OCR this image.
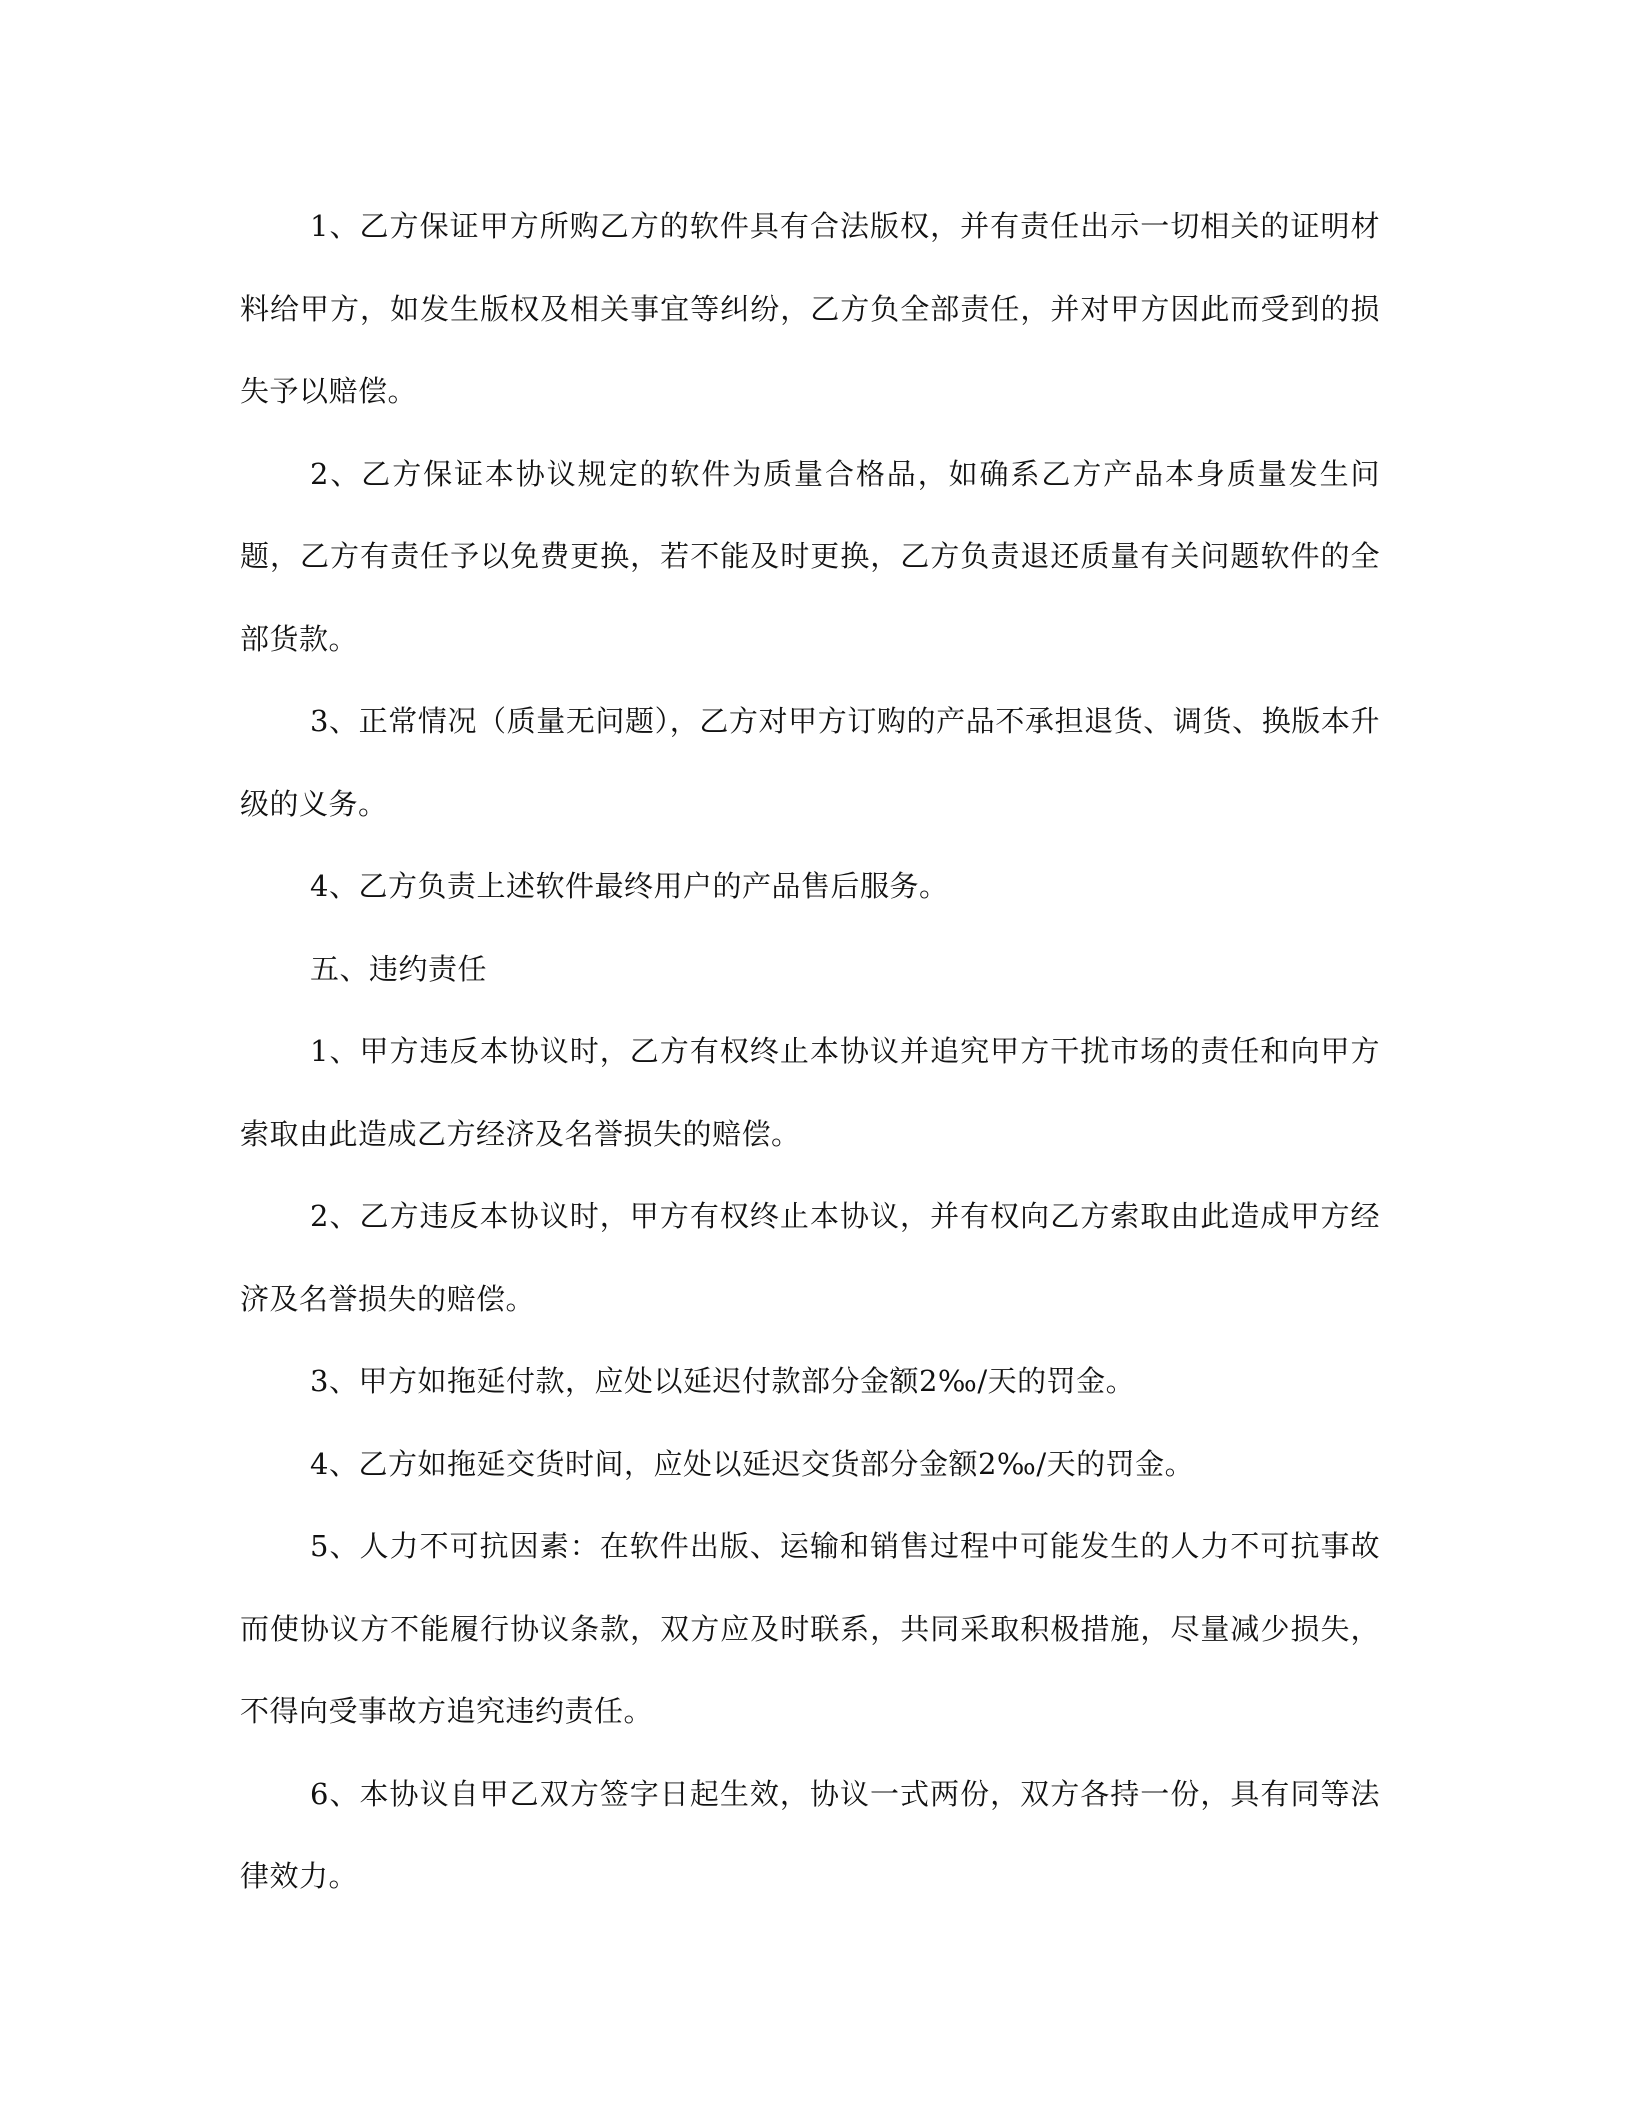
1、乙方保证甲方所购乙方的软件具有合法版权，并有责任出示一切相关的证明材料给甲方，如发生版权及相关事宜等纠纷，乙方负全部责任，并对甲方因此而受到的损失予以赔偿。

2、乙方保证本协议规定的软件为质量合格品，如确系乙方产品本身质量发生问题，乙方有责任予以免费更换，若不能及时更换，乙方负责退还质量有关问题软件的全部货款。

3、正常情况（质量无问题），乙方对甲方订购的产品不承担退货、调货、换版本升级的义务。

4、乙方负责上述软件最终用户的产品售后服务。

五、违约责任

1、甲方违反本协议时，乙方有权终止本协议并追究甲方干扰市场的责任和向甲方索取由此造成乙方经济及名誉损失的赔偿。

2、乙方违反本协议时，甲方有权终止本协议，并有权向乙方索取由此造成甲方经济及名誉损失的赔偿。

3、甲方如拖延付款，应处以延迟付款部分金额2‰/天的罚金。

4、乙方如拖延交货时间，应处以延迟交货部分金额2‰/天的罚金。

5、人力不可抗因素：在软件出版、运输和销售过程中可能发生的人力不可抗事故而使协议方不能履行协议条款，双方应及时联系，共同采取积极措施，尽量减少损失，不得向受事故方追究违约责任。

6、本协议自甲乙双方签字日起生效，协议一式两份，双方各持一份，具有同等法律效力。
